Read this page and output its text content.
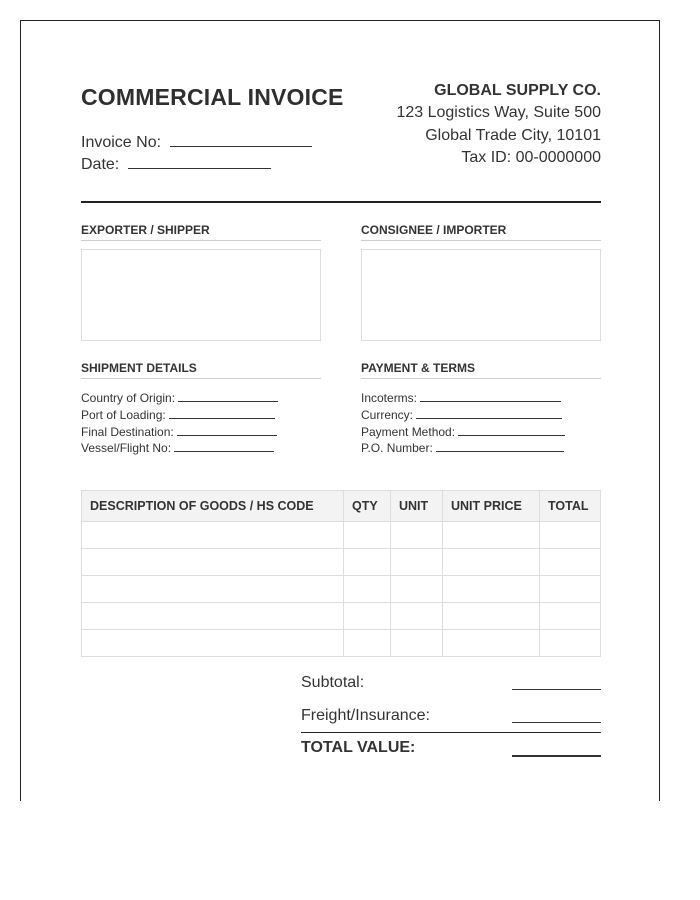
COMMERCIAL INVOICE
Invoice No:
Date:
GLOBAL SUPPLY CO.
123 Logistics Way, Suite 500
Global Trade City, 10101
Tax ID: 00-0000000
EXPORTER / SHIPPER	CONSIGNEE / IMPORTER
SHIPMENT DETAILS	PAYMENT & TERMS
Country of Origin:
Port of Loading:
Final Destination:
Vessel/Flight No:
Incoterms:
Currency:
Payment Method:
P.O. Number:
DESCRIPTION OF GOODS / HS CODE	QTY	UNIT	UNIT PRICE	TOTAL

Subtotal:
Freight/Insurance:
TOTAL VALUE:
